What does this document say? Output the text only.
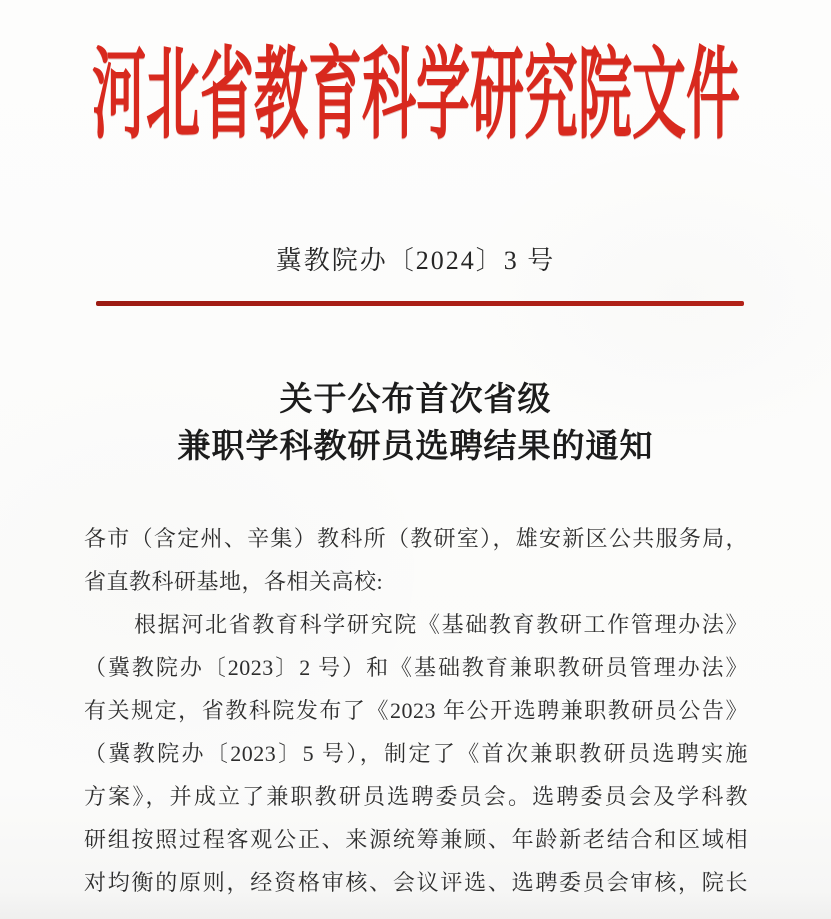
河北省教育科学研究院文件
冀教院办〔2024〕3 号
关于公布首次省级
兼职学科教研员选聘结果的通知
各市（含定州、辛集）教科所（教研室），雄安新区公共服务局，
省直教科研基地，各相关高校:
根据河北省教育科学研究院《基础教育教研工作管理办法》
（冀教院办〔2023〕2 号）和《基础教育兼职教研员管理办法》
有关规定，省教科院发布了《2023 年公开选聘兼职教研员公告》
（冀教院办〔2023〕5 号），制定了《首次兼职教研员选聘实施
方案》，并成立了兼职教研员选聘委员会。选聘委员会及学科教
研组按照过程客观公正、来源统筹兼顾、年龄新老结合和区域相
对均衡的原则，经资格审核、会议评选、选聘委员会审核，院长
